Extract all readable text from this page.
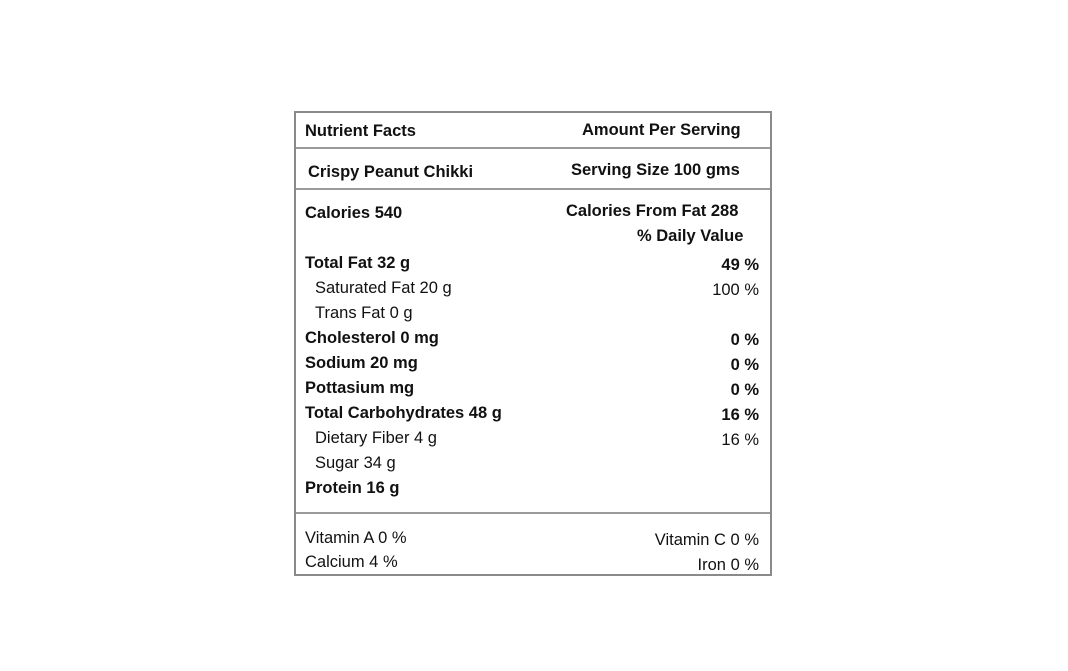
Nutrient Facts	Amount Per Serving
Crispy Peanut Chikki	Serving Size 100 gms
Calories 540	Calories From Fat 288
% Daily Value
Total Fat 32 g	49 %
Saturated Fat 20 g	100 %
Trans Fat 0 g
Cholesterol 0 mg	0 %
Sodium 20 mg	0 %
Pottasium mg	0 %
Total Carbohydrates 48 g	16 %
Dietary Fiber 4 g	16 %
Sugar 34 g
Protein 16 g
Vitamin A 0 %	Vitamin C 0 %
Calcium 4 %	Iron 0 %
